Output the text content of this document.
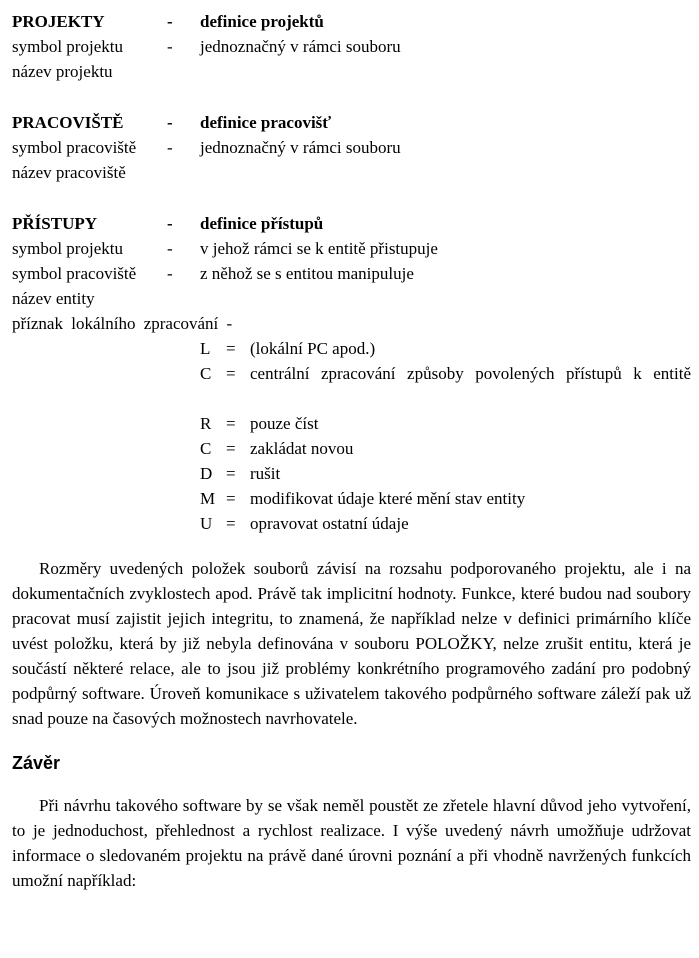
PROJEKTY	- definice projektů
symbol projektu	- jednoznačný v rámci souboru
název projektu
PRACOVIŠTĚ	- definice pracovišť
symbol pracoviště - jednoznačný v rámci souboru
název pracoviště
PŘÍSTUPY	- definice přístupů
symbol projektu	- v jehož rámci se k entitě přistupuje
symbol pracoviště - z něhož se s entitou manipuluje
název entity
příznak lokálního zpracování -
L = (lokální PC apod.)
C = centrální zpracování způsoby povolených přístupů k entitě
R = pouze číst
C = zakládat novou
D = rušit
M = modifikovat údaje které mění stav entity
U = opravovat ostatní údaje

Rozměry uvedených položek souborů závisí na rozsahu podporovaného projektu, ale i na dokumentačních zvyklostech apod. Právě tak implicitní hodnoty. Funkce, které budou nad soubory pracovat musí zajistit jejich integritu, to znamená, že například nelze v definici primárního klíče uvést položku, která by již nebyla definována v souboru POLOŽKY, nelze zrušit entitu, která je součástí některé relace, ale to jsou již problémy konkrétního programového zadání pro podobný podpůrný software. Úroveň komunikace s uživatelem takového podpůrného software záleží pak už snad pouze na časových možnostech navrhovatele.

Závěr

Při návrhu takového software by se však neměl poustět ze zřetele hlavní důvod jeho vytvoření, to je jednoduchost, přehlednost a rychlost realizace. I výše uvedený návrh umožňuje udržovat informace o sledovaném projektu na právě dané úrovni poznání a při vhodně navržených funkcích umožní například:
